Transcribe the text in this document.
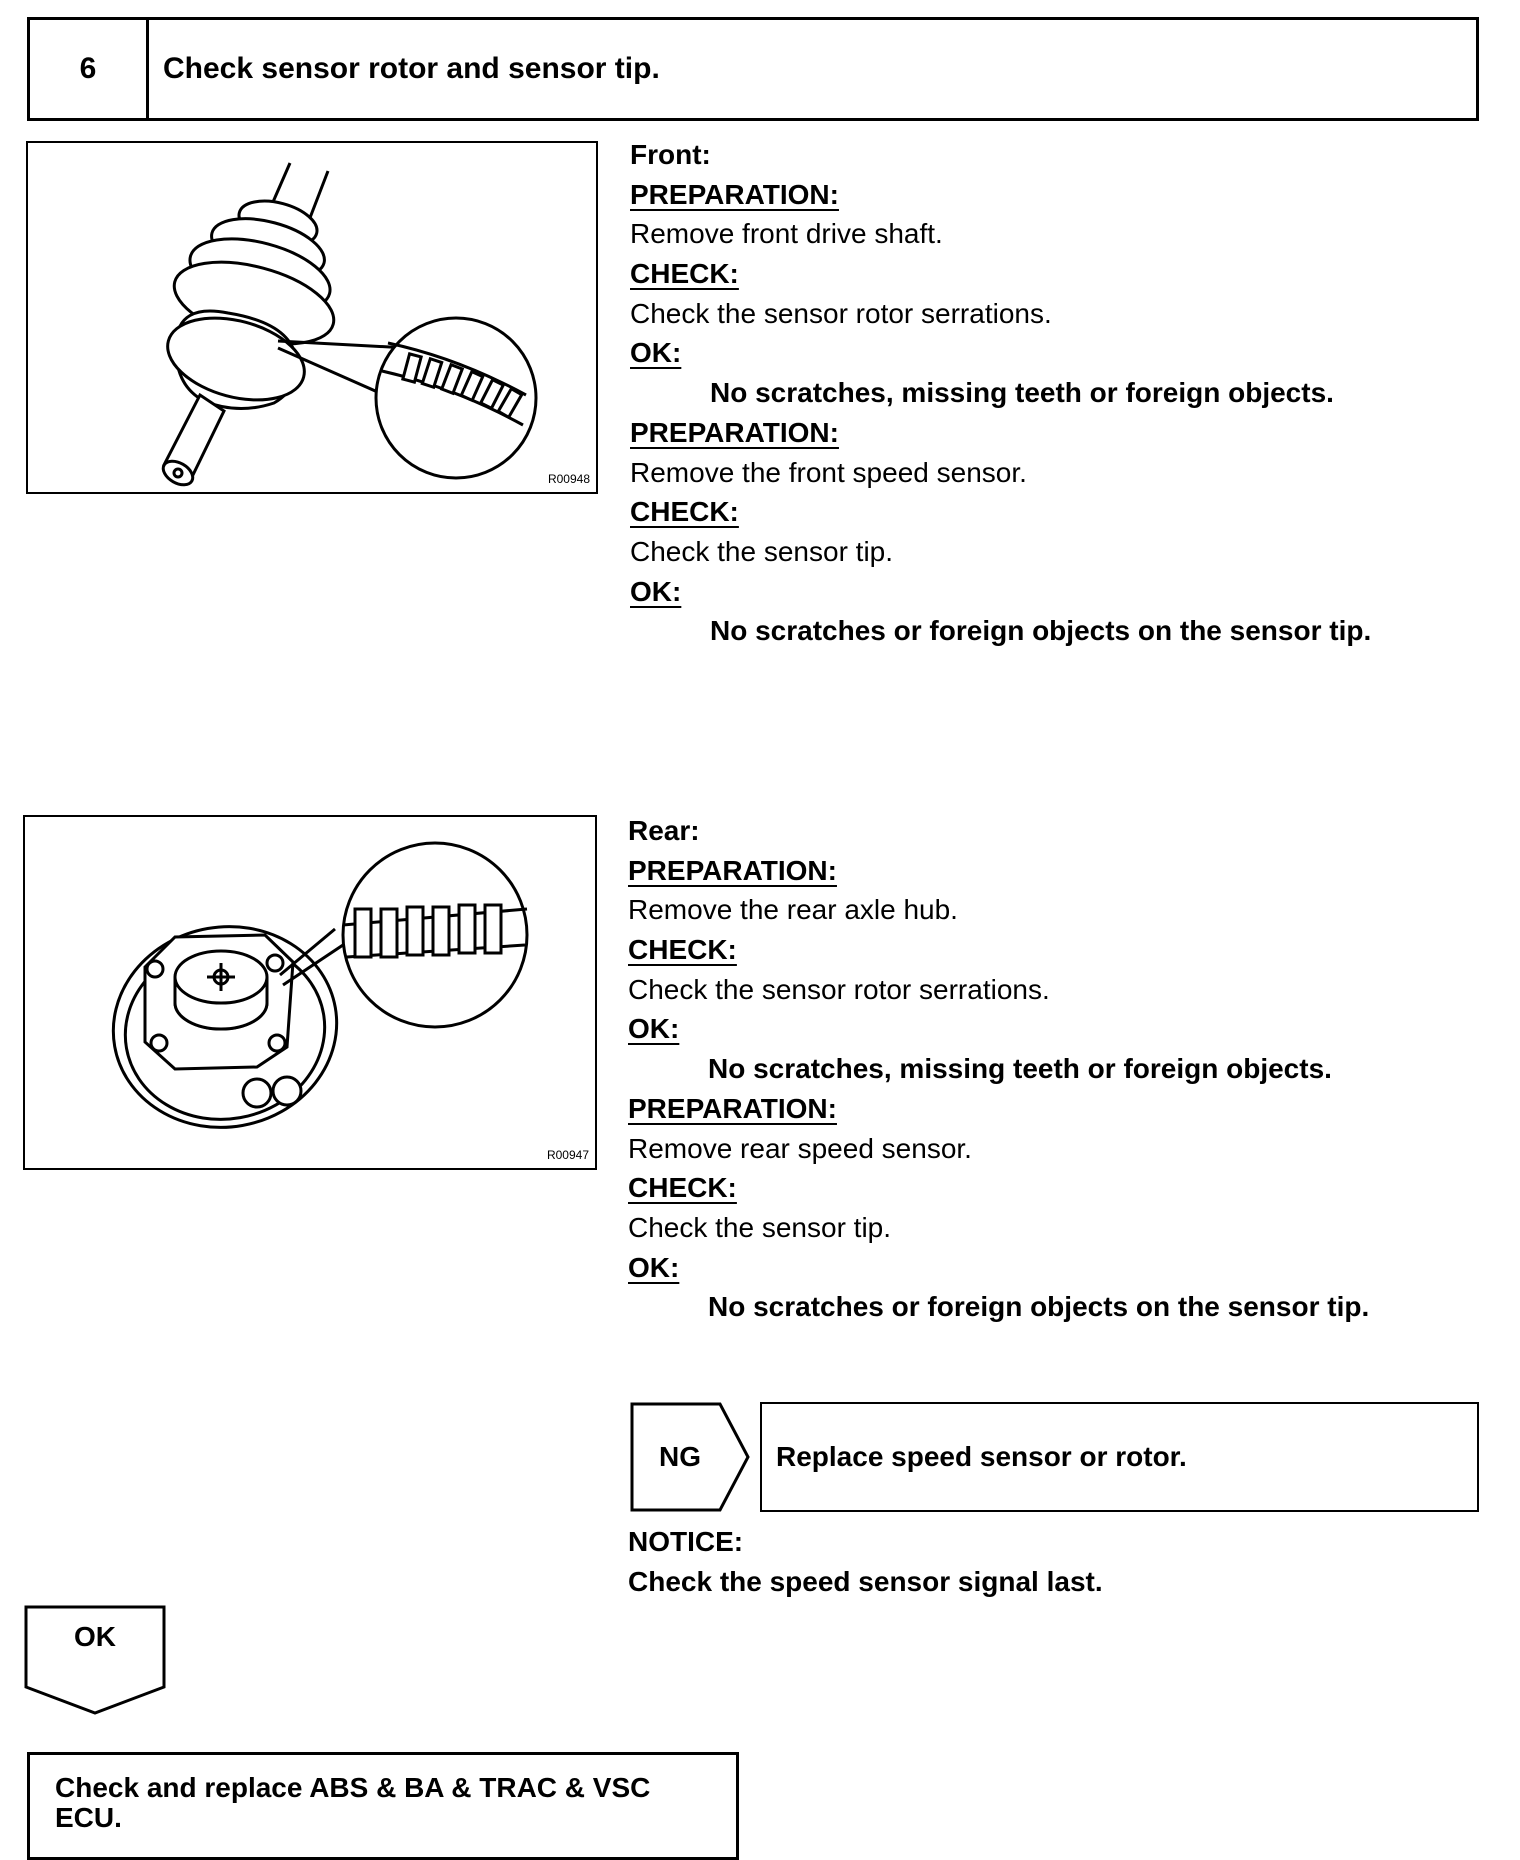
6	Check sensor rotor and sensor tip.
R00948
Front:
PREPARATION:
Remove front drive shaft.
CHECK:
Check the sensor rotor serrations.
OK:
No scratches, missing teeth or foreign objects.
PREPARATION:
Remove the front speed sensor.
CHECK:
Check the sensor tip.
OK:
No scratches or foreign objects on the sensor tip.
R00947
Rear:
PREPARATION:
Remove the rear axle hub.
CHECK:
Check the sensor rotor serrations.
OK:
No scratches, missing teeth or foreign objects.
PREPARATION:
Remove rear speed sensor.
CHECK:
Check the sensor tip.
OK:
No scratches or foreign objects on the sensor tip.
NG	Replace speed sensor or rotor.
NOTICE:
Check the speed sensor signal last.
OK
Check and replace ABS & BA & TRAC & VSC
ECU.
